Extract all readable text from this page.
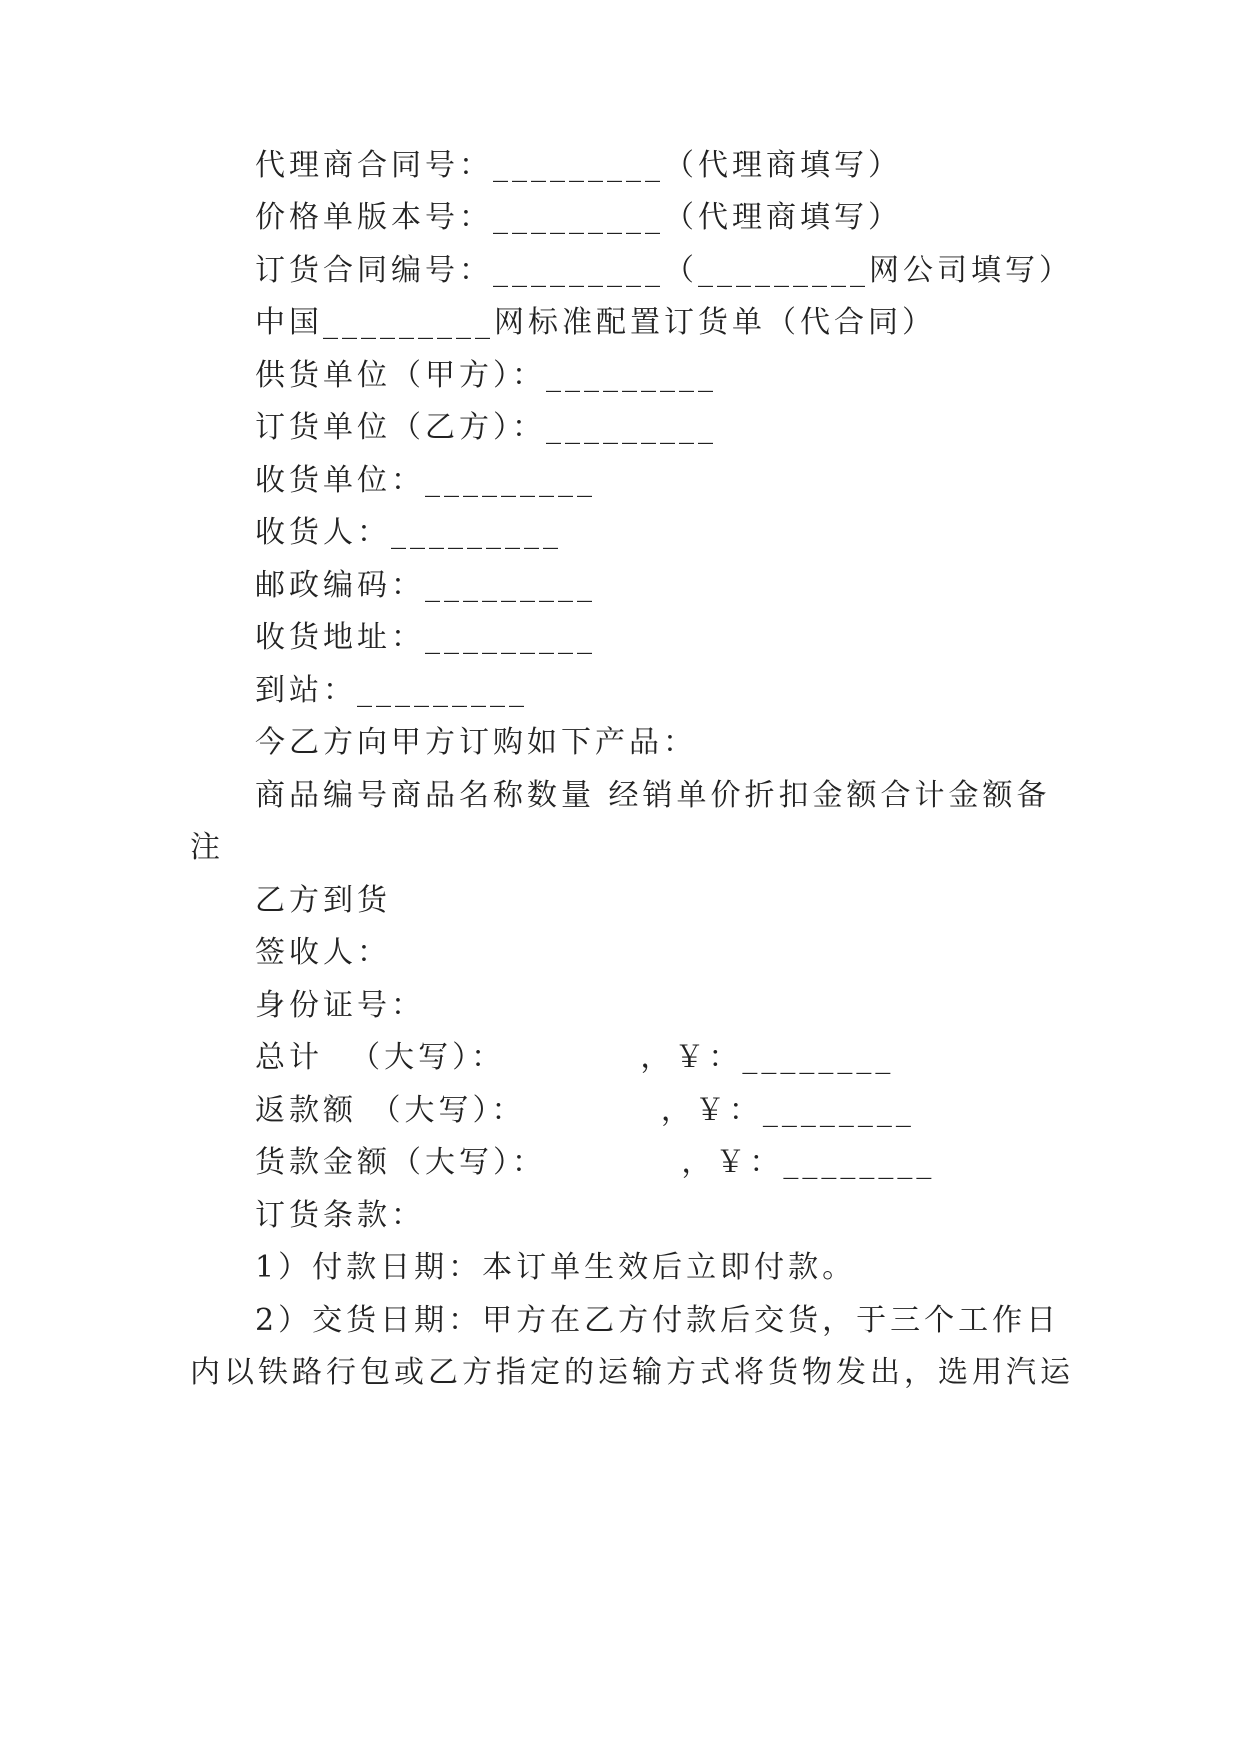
代理商合同号：_________（代理商填写）
价格单版本号：_________（代理商填写）
订货合同编号：_________（_________网公司填写）
中国_________网标准配置订货单（代合同）
供货单位（甲方）：_________
订货单位（乙方）：_________
收货单位：_________
收货人：_________
邮政编码：_________
收货地址：_________
到站：_________
今乙方向甲方订购如下产品：
商品编号商品名称数量 经销单价折扣金额合计金额备
注
乙方到货
签收人：
身份证号：
总计  （大写）：          ，￥：________
返款额 （大写）：          ，￥：________
货款金额（大写）：          ，￥：________
订货条款：
1）付款日期：本订单生效后立即付款。
2）交货日期：甲方在乙方付款后交货，于三个工作日
内以铁路行包或乙方指定的运输方式将货物发出，选用汽运
